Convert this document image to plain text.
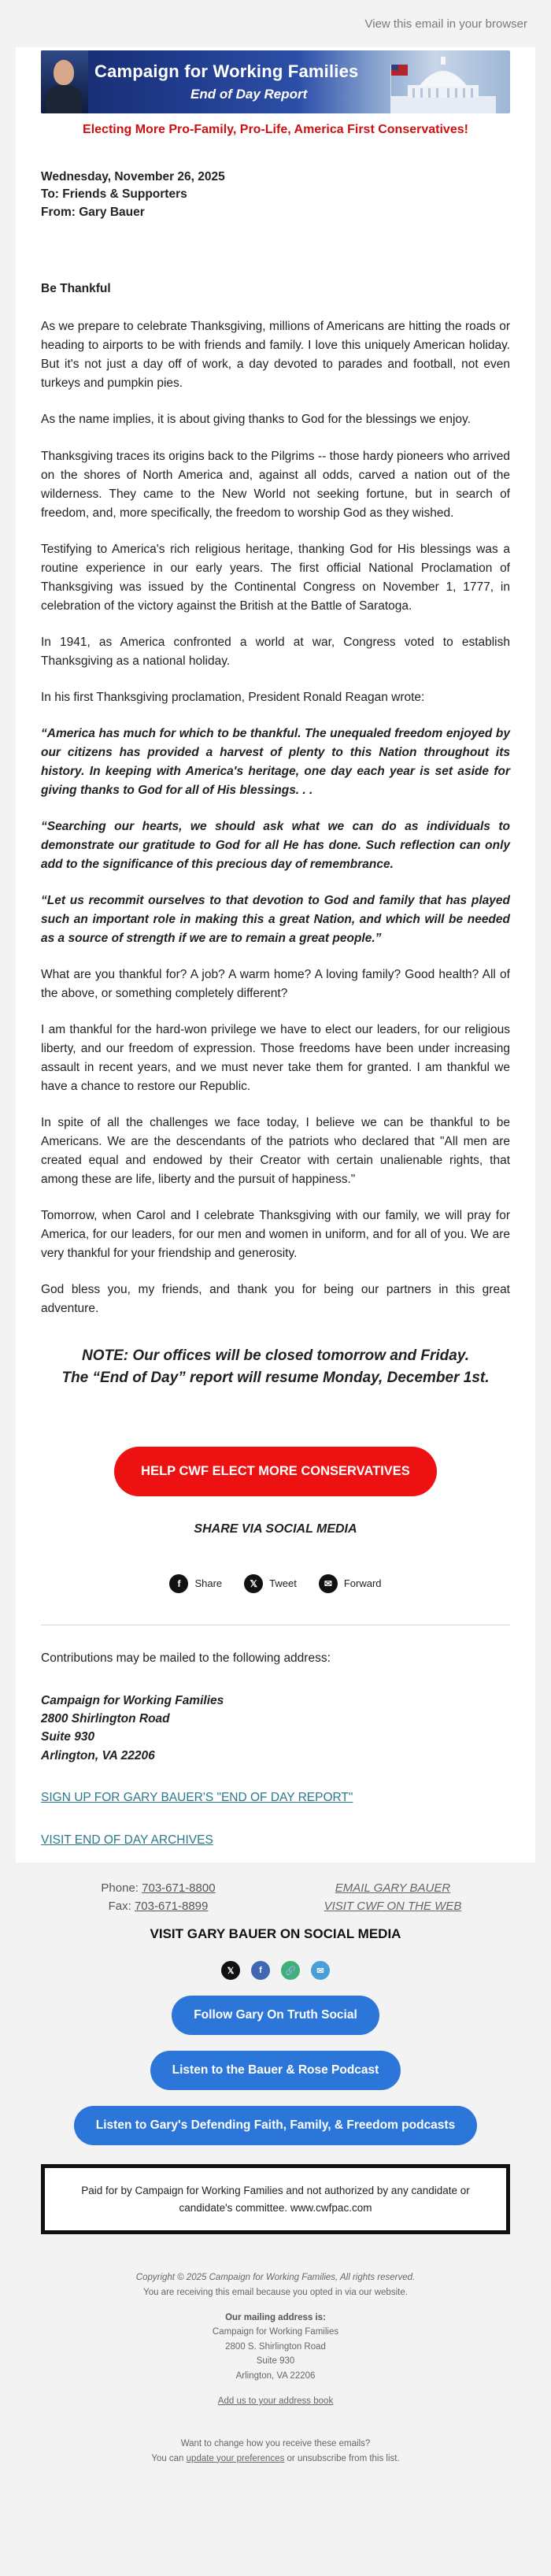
View this email in your browser
Campaign for Working Families
End of Day Report
Electing More Pro-Family, Pro-Life, America First Conservatives!
Wednesday, November 26, 2025
To: Friends & Supporters
From: Gary Bauer
Be Thankful

As we prepare to celebrate Thanksgiving, millions of Americans are hitting the roads or heading to airports to be with friends and family. I love this uniquely American holiday. But it's not just a day off of work, a day devoted to parades and football, not even turkeys and pumpkin pies.

As the name implies, it is about giving thanks to God for the blessings we enjoy.

Thanksgiving traces its origins back to the Pilgrims -- those hardy pioneers who arrived on the shores of North America and, against all odds, carved a nation out of the wilderness. They came to the New World not seeking fortune, but in search of freedom, and, more specifically, the freedom to worship God as they wished.

Testifying to America's rich religious heritage, thanking God for His blessings was a routine experience in our early years. The first official National Proclamation of Thanksgiving was issued by the Continental Congress on November 1, 1777, in celebration of the victory against the British at the Battle of Saratoga.

In 1941, as America confronted a world at war, Congress voted to establish Thanksgiving as a national holiday.

In his first Thanksgiving proclamation, President Ronald Reagan wrote:

“America has much for which to be thankful. The unequaled freedom enjoyed by our citizens has provided a harvest of plenty to this Nation throughout its history. In keeping with America's heritage, one day each year is set aside for giving thanks to God for all of His blessings. . .

“Searching our hearts, we should ask what we can do as individuals to demonstrate our gratitude to God for all He has done. Such reflection can only add to the significance of this precious day of remembrance.

“Let us recommit ourselves to that devotion to God and family that has played such an important role in making this a great Nation, and which will be needed as a source of strength if we are to remain a great people.”

What are you thankful for? A job? A warm home? A loving family? Good health? All of the above, or something completely different?

I am thankful for the hard-won privilege we have to elect our leaders, for our religious liberty, and our freedom of expression. Those freedoms have been under increasing assault in recent years, and we must never take them for granted. I am thankful we have a chance to restore our Republic.

In spite of all the challenges we face today, I believe we can be thankful to be Americans. We are the descendants of the patriots who declared that "All men are created equal and endowed by their Creator with certain unalienable rights, that among these are life, liberty and the pursuit of happiness."

Tomorrow, when Carol and I celebrate Thanksgiving with our family, we will pray for America, for our leaders, for our men and women in uniform, and for all of you. We are very thankful for your friendship and generosity.

God bless you, my friends, and thank you for being our partners in this great adventure.

NOTE: Our offices will be closed tomorrow and Friday.
The “End of Day” report will resume Monday, December 1st.
HELP CWF ELECT MORE CONSERVATIVES
SHARE VIA SOCIAL MEDIA
f	Share	𝕏	Tweet	✉	Forward
Contributions may be mailed to the following address:
Campaign for Working Families
2800 Shirlington Road
Suite 930
Arlington, VA 22206
SIGN UP FOR GARY BAUER'S "END OF DAY REPORT"
VISIT END OF DAY ARCHIVES
Phone: 703-671-8800
Fax: 703-671-8899
EMAIL GARY BAUER
VISIT CWF ON THE WEB
VISIT GARY BAUER ON SOCIAL MEDIA
𝕏	f	🔗	✉
Follow Gary On Truth Social
Listen to the Bauer & Rose Podcast
Listen to Gary's Defending Faith, Family, & Freedom podcasts
Paid for by Campaign for Working Families and not authorized by any candidate or
candidate's committee. www.cwfpac.com
Copyright © 2025 Campaign for Working Families, All rights reserved.
You are receiving this email because you opted in via our website.
Our mailing address is:
Campaign for Working Families
2800 S. Shirlington Road
Suite 930
Arlington, VA 22206
Add us to your address book
Want to change how you receive these emails?
You can update your preferences or unsubscribe from this list.
